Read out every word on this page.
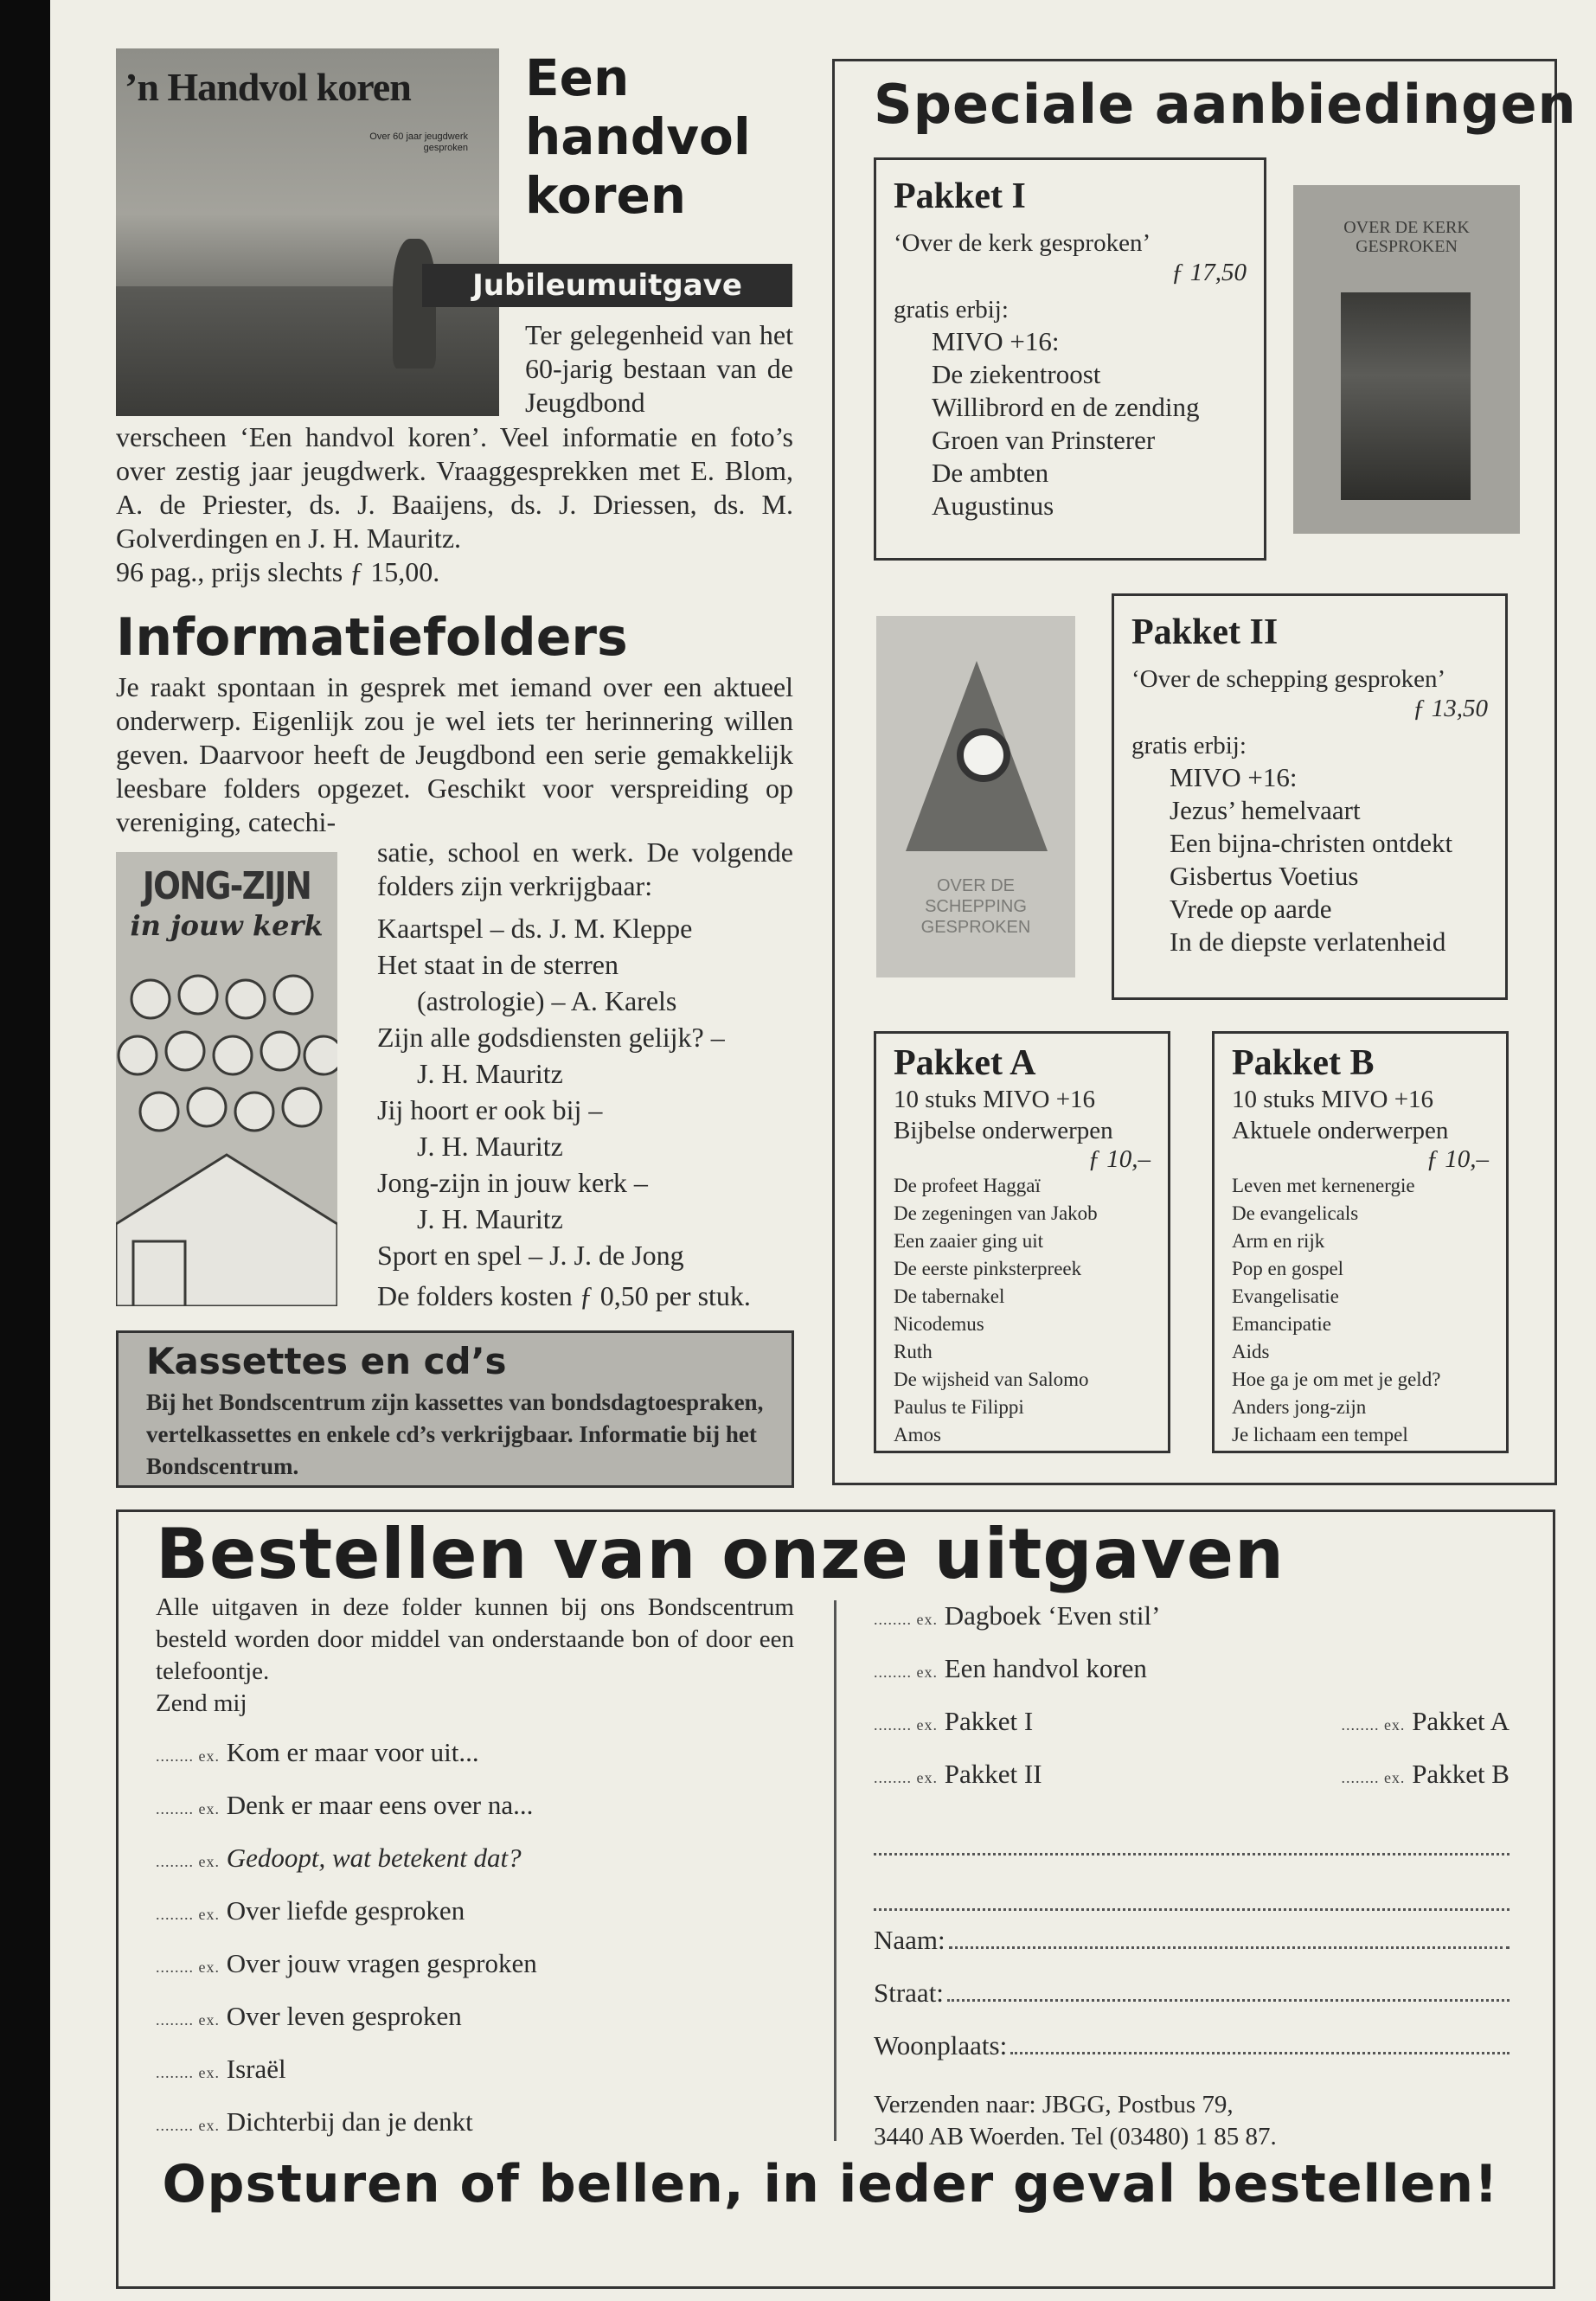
’n Handvol koren
Over 60 jaar jeugdwerk gesproken
Een
handvol
koren
Jubileumuitgave
Ter gelegenheid van het 60-jarig bestaan van de Jeugdbond
verscheen ‘Een handvol koren’. Veel informatie en foto’s over zestig jaar jeugdwerk. Vraaggesprekken met E. Blom, A. de Priester, ds. J. Baaijens, ds. J. Driessen, ds. M. Golverdingen en J. H. Mauritz.
96 pag., prijs slechts ƒ 15,00.
Informatiefolders
Je raakt spontaan in gesprek met iemand over een aktueel onderwerp. Eigenlijk zou je wel iets ter herinnering willen geven. Daarvoor heeft de Jeugdbond een serie gemakkelijk leesbare folders opgezet. Geschikt voor verspreiding op vereniging, catechi-
JONG-ZIJN
in jouw kerk
satie, school en werk. De volgende folders zijn verkrijgbaar:
Kaartspel – ds. J. M. Kleppe
Het staat in de sterren
(astrologie) – A. Karels
Zijn alle godsdiensten gelijk? –
J. H. Mauritz
Jij hoort er ook bij –
J. H. Mauritz
Jong-zijn in jouw kerk –
J. H. Mauritz
Sport en spel – J. J. de Jong
De folders kosten ƒ 0,50 per stuk.
Kassettes en cd’s
Bij het Bondscentrum zijn kassettes van bondsdagtoespraken, vertelkassettes en enkele cd’s verkrijgbaar. Informatie bij het Bondscentrum.
Speciale aanbiedingen
Pakket I
‘Over de kerk gesproken’
ƒ 17,50
gratis erbij:
MIVO +16:
De ziekentroost
Willibrord en de zending
Groen van Prinsterer
De ambten
Augustinus
OVER DE KERK GESPROKEN
OVER DE SCHEPPING GESPROKEN
Pakket II
‘Over de schepping gesproken’
ƒ 13,50
gratis erbij:
MIVO +16:
Jezus’ hemelvaart
Een bijna-christen ontdekt
Gisbertus Voetius
Vrede op aarde
In de diepste verlatenheid
Pakket A
10 stuks MIVO +16
Bijbelse onderwerpen
ƒ 10,–
De profeet Haggaï
De zegeningen van Jakob
Een zaaier ging uit
De eerste pinksterpreek
De tabernakel
Nicodemus
Ruth
De wijsheid van Salomo
Paulus te Filippi
Amos
Pakket B
10 stuks MIVO +16
Aktuele onderwerpen
ƒ 10,–
Leven met kernenergie
De evangelicals
Arm en rijk
Pop en gospel
Evangelisatie
Emancipatie
Aids
Hoe ga je om met je geld?
Anders jong-zijn
Je lichaam een tempel
Bestellen van onze uitgaven
Alle uitgaven in deze folder kunnen bij ons Bondscentrum besteld worden door middel van onderstaande bon of door een telefoontje.
Zend mij
........ ex. Kom er maar voor uit...
........ ex. Denk er maar eens over na...
........ ex. Gedoopt, wat betekent dat?
........ ex. Over liefde gesproken
........ ex. Over jouw vragen gesproken
........ ex. Over leven gesproken
........ ex. Israël
........ ex. Dichterbij dan je denkt
........ ex. Dagboek ‘Even stil’
........ ex. Een handvol koren
........ ex. Pakket I	........ ex. Pakket A
........ ex. Pakket II	........ ex. Pakket B
Naam:
Straat:
Woonplaats:
Verzenden naar: JBGG, Postbus 79,
3440 AB Woerden. Tel (03480) 1 85 87.
Opsturen of bellen, in ieder geval bestellen!
